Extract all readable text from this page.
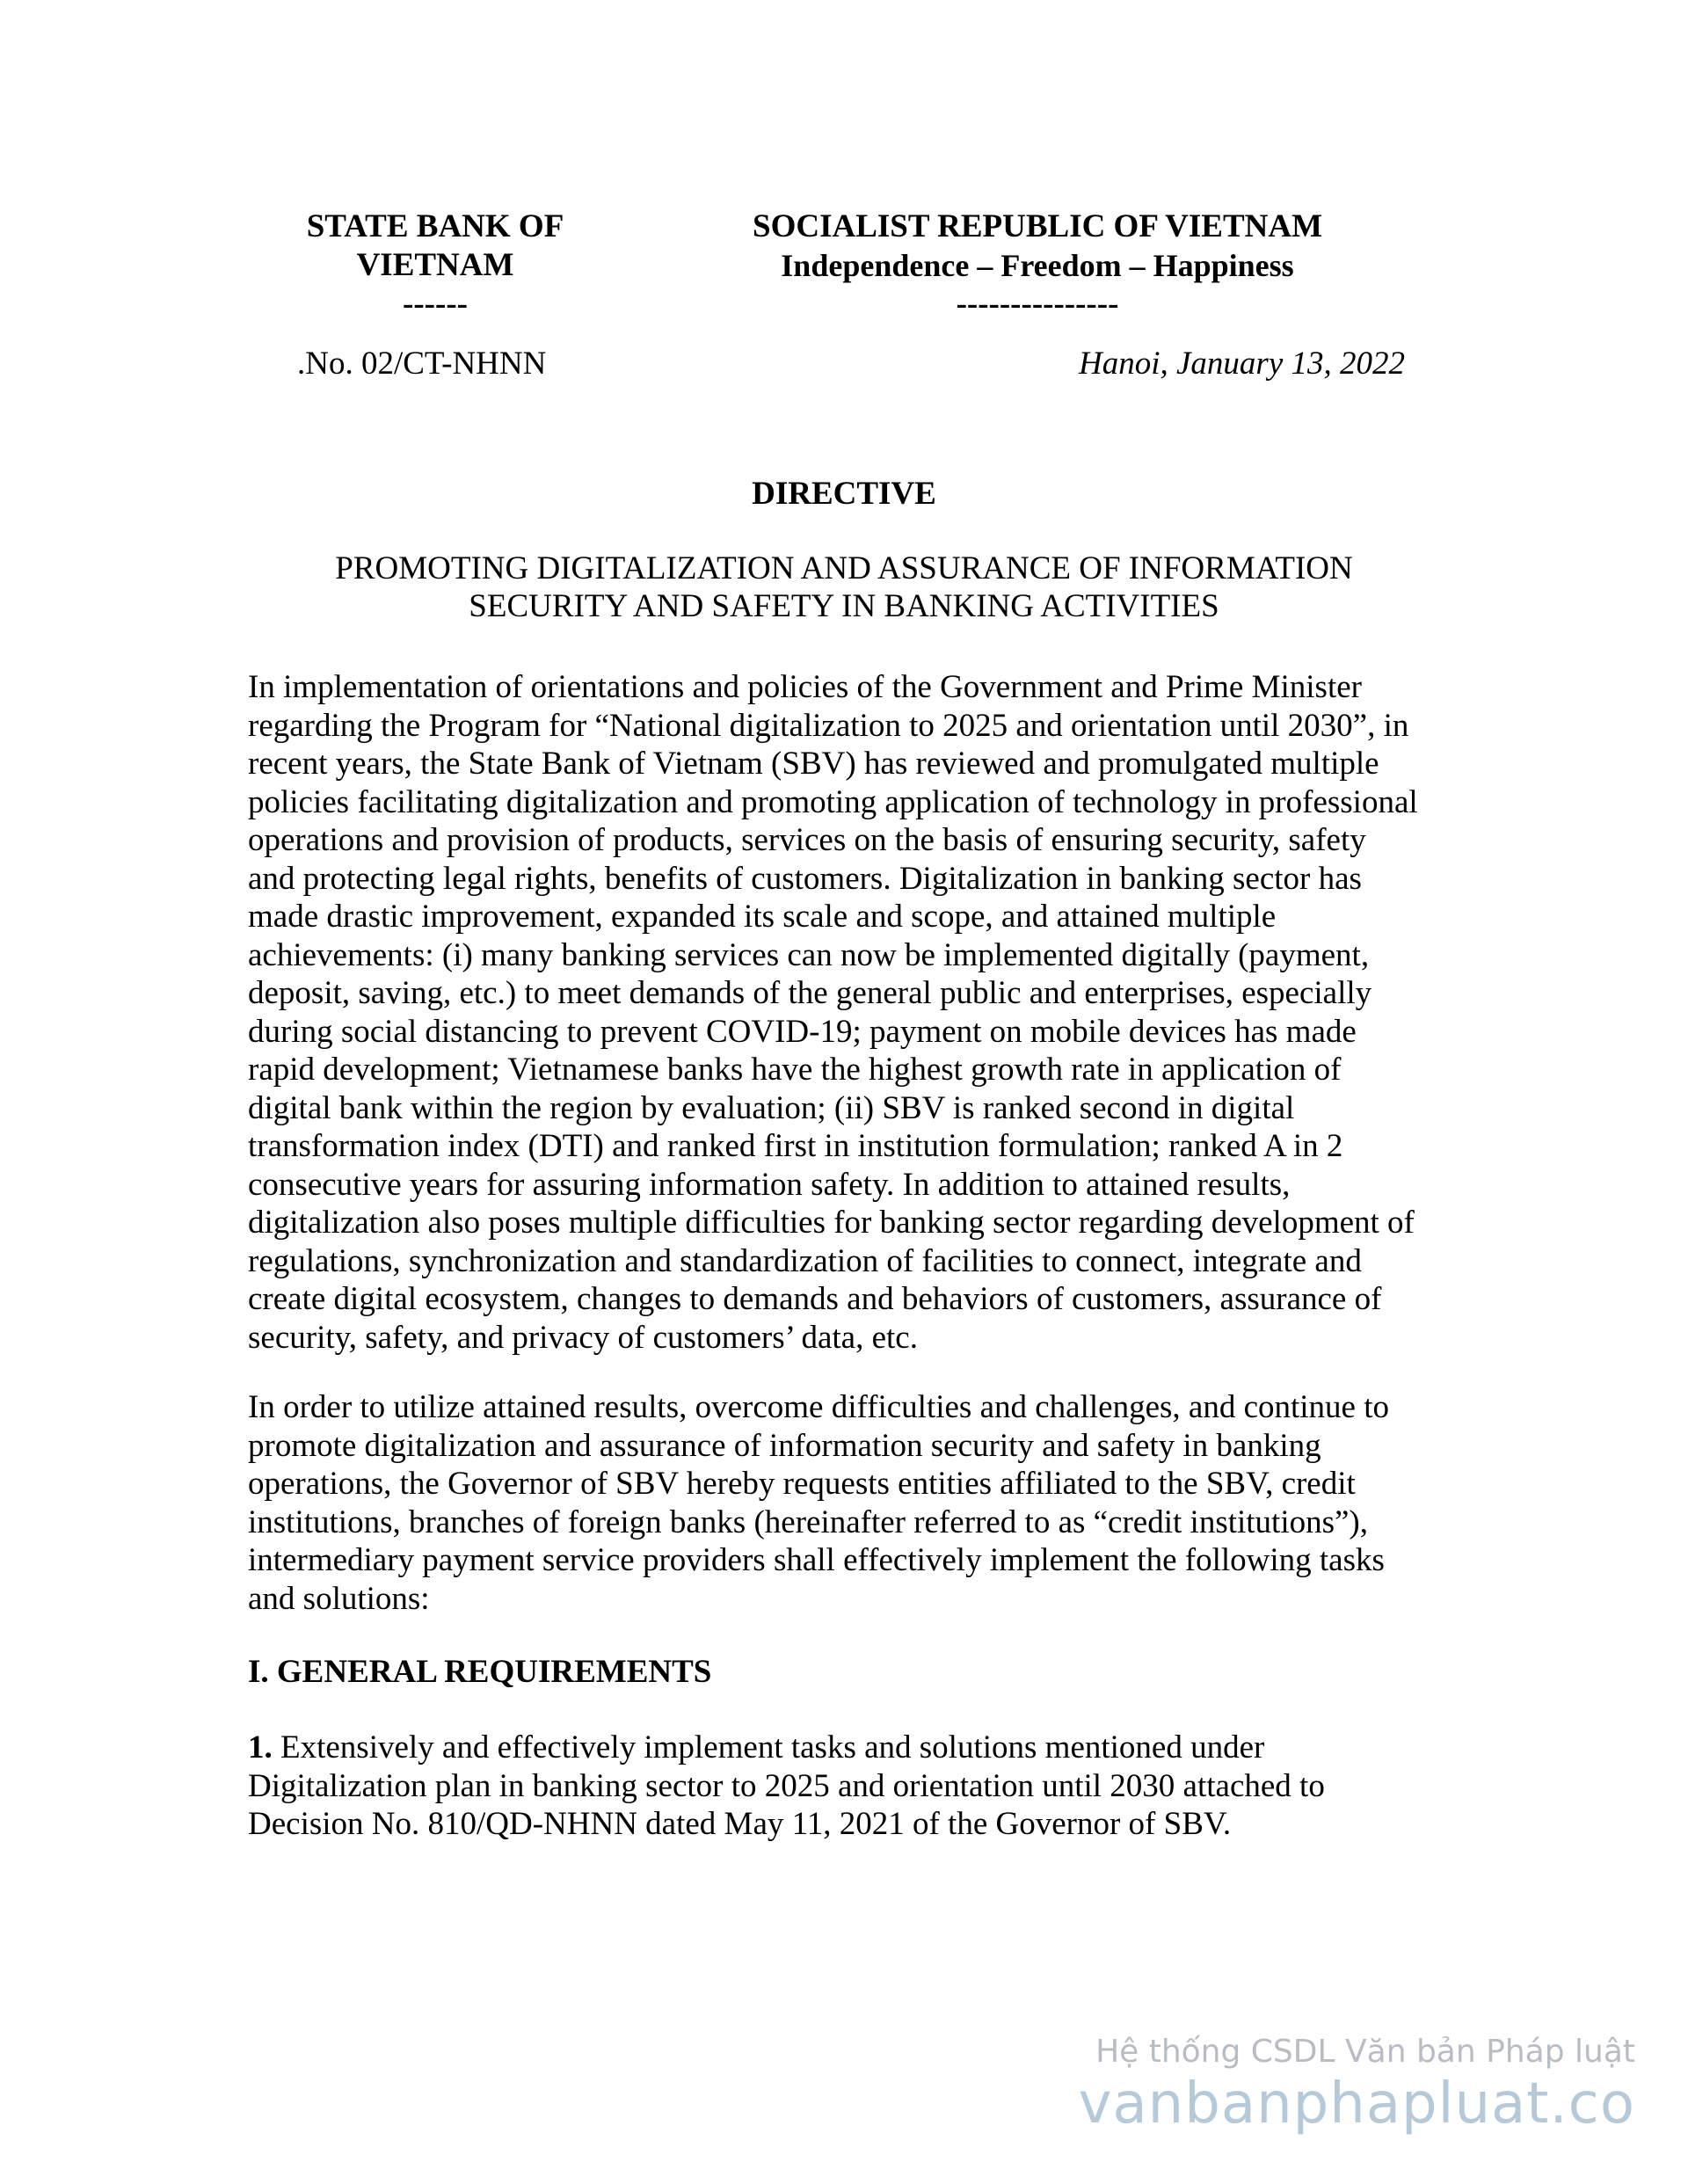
STATE BANK OF
VIETNAM
------
SOCIALIST REPUBLIC OF VIETNAM
Independence – Freedom – Happiness
---------------
.No. 02/CT-NHNN	Hanoi, January 13, 2022
DIRECTIVE
PROMOTING DIGITALIZATION AND ASSURANCE OF INFORMATION
SECURITY AND SAFETY IN BANKING ACTIVITIES
In implementation of orientations and policies of the Government and Prime Minister
regarding the Program for “National digitalization to 2025 and orientation until 2030”, in
recent years, the State Bank of Vietnam (SBV) has reviewed and promulgated multiple
policies facilitating digitalization and promoting application of technology in professional
operations and provision of products, services on the basis of ensuring security, safety
and protecting legal rights, benefits of customers. Digitalization in banking sector has
made drastic improvement, expanded its scale and scope, and attained multiple
achievements: (i) many banking services can now be implemented digitally (payment,
deposit, saving, etc.) to meet demands of the general public and enterprises, especially
during social distancing to prevent COVID-19; payment on mobile devices has made
rapid development; Vietnamese banks have the highest growth rate in application of
digital bank within the region by evaluation; (ii) SBV is ranked second in digital
transformation index (DTI) and ranked first in institution formulation; ranked A in 2
consecutive years for assuring information safety. In addition to attained results,
digitalization also poses multiple difficulties for banking sector regarding development of
regulations, synchronization and standardization of facilities to connect, integrate and
create digital ecosystem, changes to demands and behaviors of customers, assurance of
security, safety, and privacy of customers’ data, etc.
In order to utilize attained results, overcome difficulties and challenges, and continue to
promote digitalization and assurance of information security and safety in banking
operations, the Governor of SBV hereby requests entities affiliated to the SBV, credit
institutions, branches of foreign banks (hereinafter referred to as “credit institutions”),
intermediary payment service providers shall effectively implement the following tasks
and solutions:
I. GENERAL REQUIREMENTS
1. Extensively and effectively implement tasks and solutions mentioned under
Digitalization plan in banking sector to 2025 and orientation until 2030 attached to
Decision No. 810/QD-NHNN dated May 11, 2021 of the Governor of SBV.
Hệ thống CSDL Văn bản Pháp luật
vanbanphapluat.co
